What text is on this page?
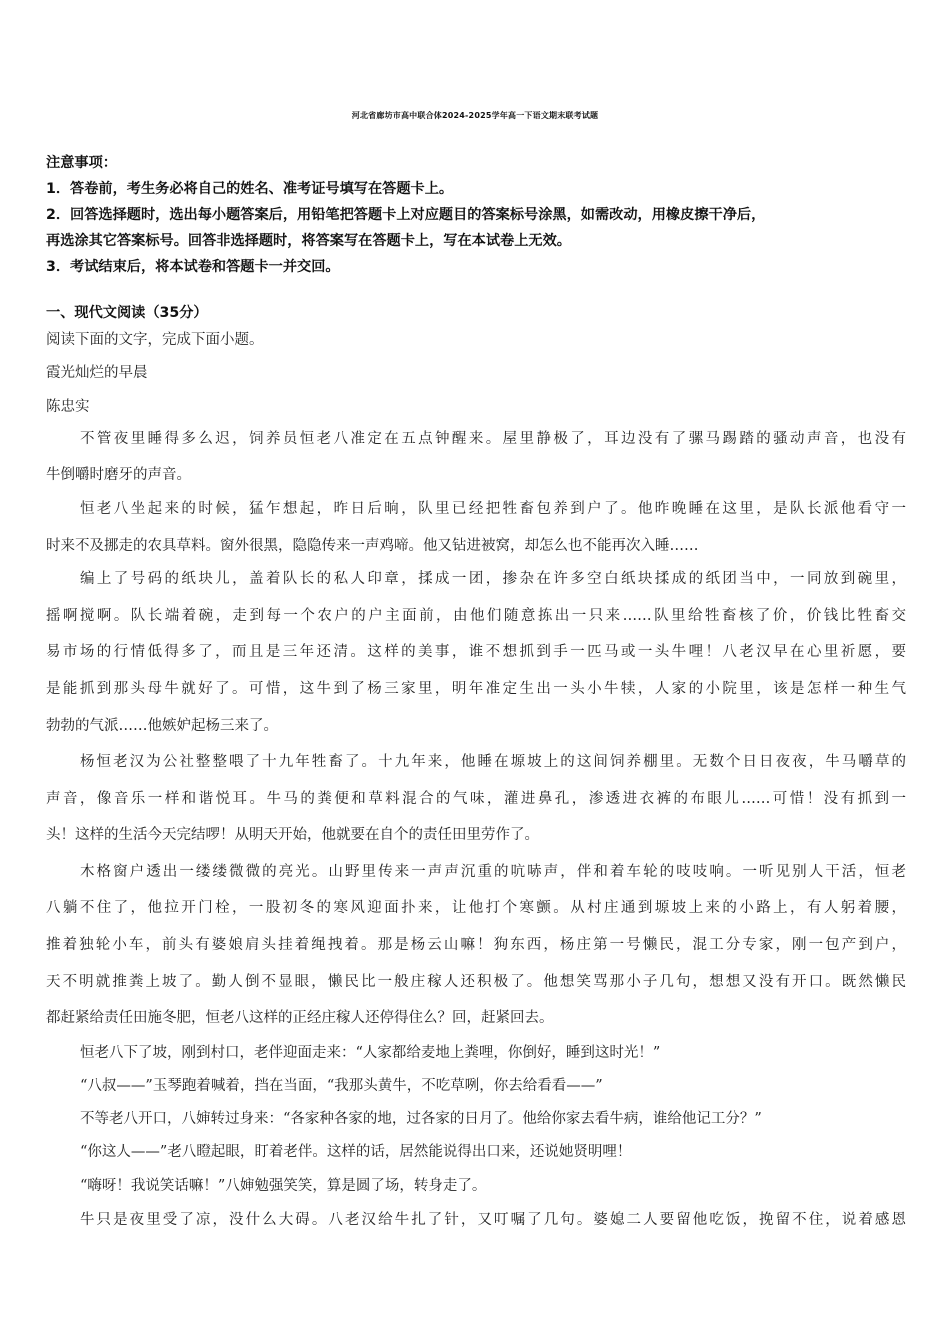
河北省廊坊市高中联合体2024-2025学年高一下语文期末联考试题
注意事项：
1．答卷前，考生务必将自己的姓名、准考证号填写在答题卡上。
2．回答选择题时，选出每小题答案后，用铅笔把答题卡上对应题目的答案标号涂黑，如需改动，用橡皮擦干净后，
再选涂其它答案标号。回答非选择题时，将答案写在答题卡上，写在本试卷上无效。
3．考试结束后，将本试卷和答题卡一并交回。
一、现代文阅读（35分）
阅读下面的文字，完成下面小题。
霞光灿烂的早晨
陈忠实
不管夜里睡得多么迟，饲养员恒老八准定在五点钟醒来。屋里静极了，耳边没有了骡马踢踏的骚动声音，也没有
牛倒嚼时磨牙的声音。
恒老八坐起来的时候，猛乍想起，昨日后晌，队里已经把牲畜包养到户了。他昨晚睡在这里，是队长派他看守一
时来不及挪走的农具草料。窗外很黑，隐隐传来一声鸡啼。他又钻进被窝，却怎么也不能再次入睡……
编上了号码的纸块儿，盖着队长的私人印章，揉成一团，掺杂在许多空白纸块揉成的纸团当中，一同放到碗里，
摇啊搅啊。队长端着碗，走到每一个农户的户主面前，由他们随意拣出一只来……队里给牲畜核了价，价钱比牲畜交
易市场的行情低得多了，而且是三年还清。这样的美事，谁不想抓到手一匹马或一头牛哩！八老汉早在心里祈愿，要
是能抓到那头母牛就好了。可惜，这牛到了杨三家里，明年准定生出一头小牛犊，人家的小院里，该是怎样一种生气
勃勃的气派……他嫉妒起杨三来了。
杨恒老汉为公社整整喂了十九年牲畜了。十九年来，他睡在塬坡上的这间饲养棚里。无数个日日夜夜，牛马嚼草的
声音，像音乐一样和谐悦耳。牛马的粪便和草料混合的气味，灌进鼻孔，渗透进衣裤的布眼儿……可惜！没有抓到一
头！这样的生活今天完结啰！从明天开始，他就要在自个的责任田里劳作了。
木格窗户透出一缕缕微微的亮光。山野里传来一声声沉重的吭哧声，伴和着车轮的吱吱响。一听见别人干活，恒老
八躺不住了，他拉开门栓，一股初冬的寒风迎面扑来，让他打个寒颤。从村庄通到塬坡上来的小路上，有人躬着腰，
推着独轮小车，前头有婆娘肩头挂着绳拽着。那是杨云山嘛！狗东西，杨庄第一号懒民，混工分专家，刚一包产到户，
天不明就推粪上坡了。勤人倒不显眼，懒民比一般庄稼人还积极了。他想笑骂那小子几句，想想又没有开口。既然懒民
都赶紧给责任田施冬肥，恒老八这样的正经庄稼人还停得住么？回，赶紧回去。
恒老八下了坡，刚到村口，老伴迎面走来：“人家都给麦地上粪哩，你倒好，睡到这时光！”
“八叔——”玉琴跑着喊着，挡在当面，“我那头黄牛，不吃草咧，你去给看看——”
不等老八开口，八婶转过身来：“各家种各家的地，过各家的日月了。他给你家去看牛病，谁给他记工分？”
“你这人——”老八瞪起眼，盯着老伴。这样的话，居然能说得出口来，还说她贤明哩！
“嗨呀！我说笑话嘛！”八婶勉强笑笑，算是圆了场，转身走了。
牛只是夜里受了凉，没什么大碍。八老汉给牛扎了针，又叮嘱了几句。婆媳二人要留他吃饭，挽留不住，说着感恩
